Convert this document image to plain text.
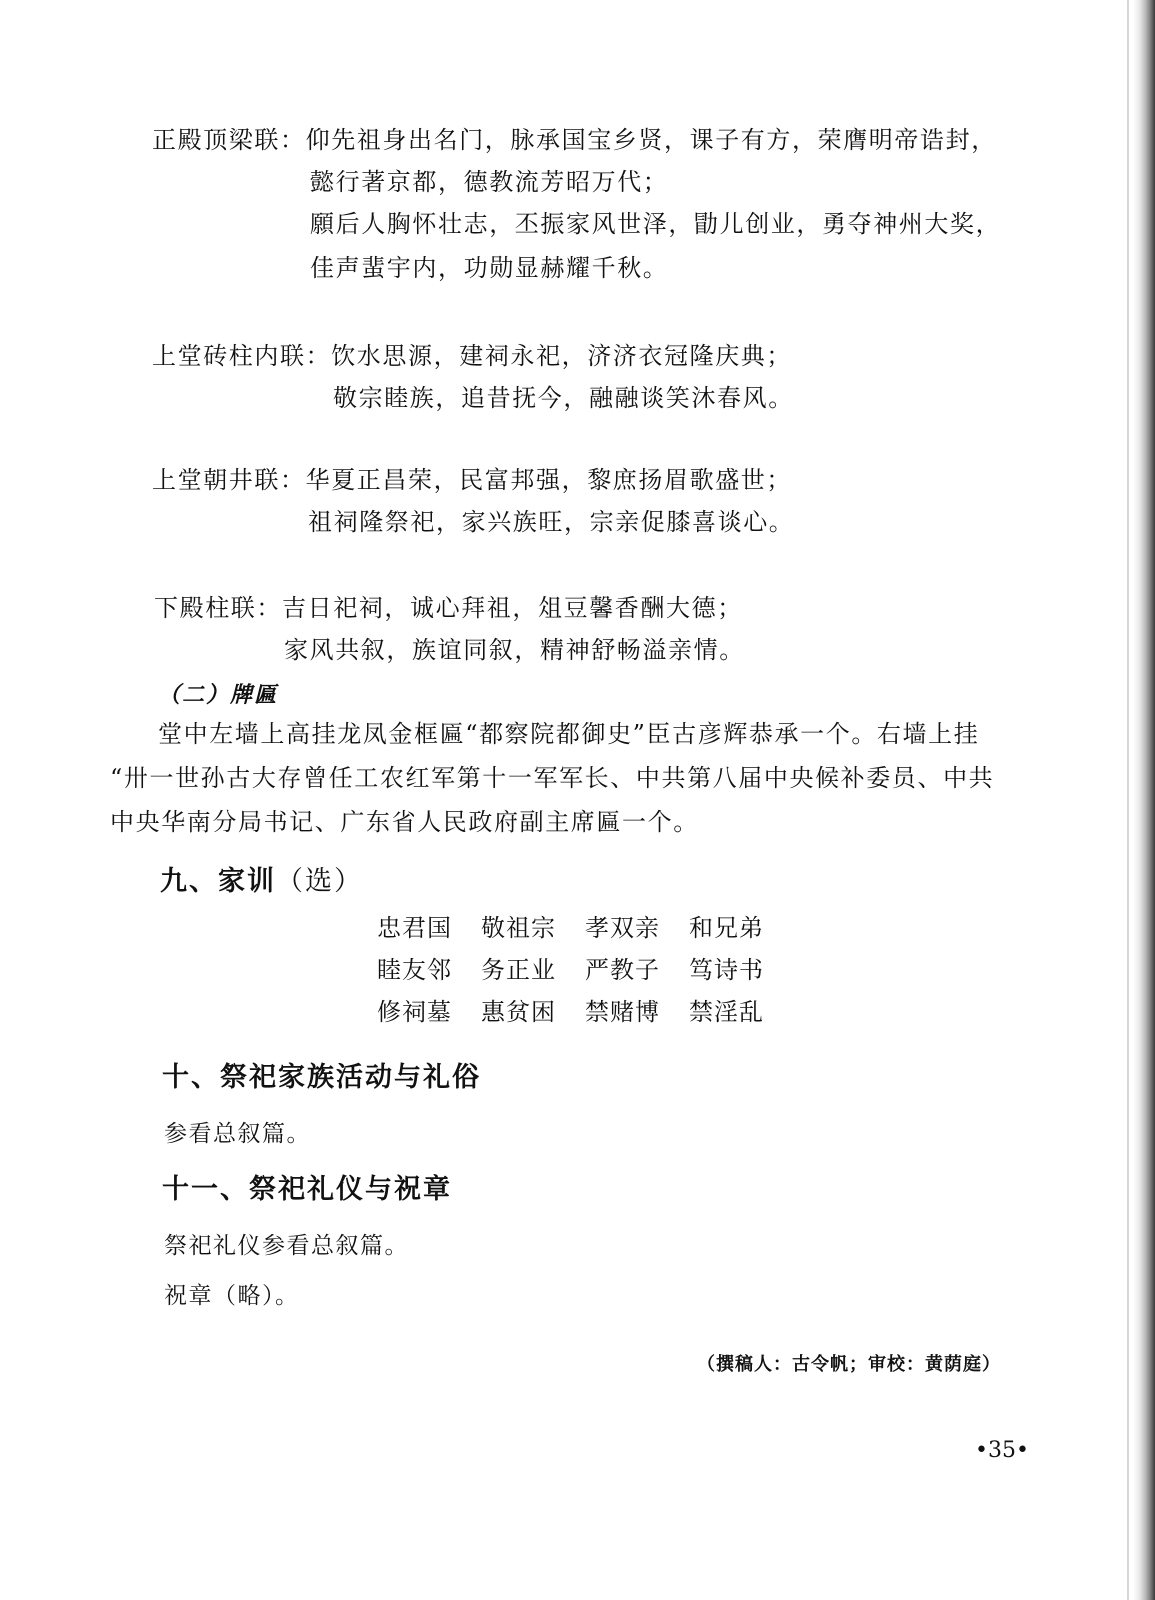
正殿顶梁联：仰先祖身出名门，脉承国宝乡贤，课子有方，荣膺明帝诰封，
懿行著京都，德教流芳昭万代；
願后人胸怀壮志，丕振家风世泽，勖儿创业，勇夺神州大奖，
佳声蜚宇内，功勋显赫耀千秋。
上堂砖柱内联：饮水思源，建祠永祀，济济衣冠隆庆典；
敬宗睦族，追昔抚今，融融谈笑沐春风。
上堂朝井联：华夏正昌荣，民富邦强，黎庶扬眉歌盛世；
祖祠隆祭祀，家兴族旺，宗亲促膝喜谈心。
下殿柱联：吉日祀祠，诚心拜祖，俎豆馨香酬大德；
家风共叙，族谊同叙，精神舒畅溢亲情。
（二）牌匾
堂中左墙上高挂龙凤金框匾“都察院都御史”臣古彦辉恭承一个。右墙上挂
“卅一世孙古大存曾任工农红军第十一军军长、中共第八届中央候补委员、中共
中央华南分局书记、广东省人民政府副主席匾一个。
九、家训（选）
忠君国	敬祖宗	孝双亲	和兄弟
睦友邻	务正业	严教子	笃诗书
修祠墓	惠贫困	禁赌博	禁淫乱
十、祭祀家族活动与礼俗
参看总叙篇。
十一、祭祀礼仪与祝章
祭祀礼仪参看总叙篇。
祝章（略）。
（撰稿人：古令帆；审校：黄荫庭）
•35•
